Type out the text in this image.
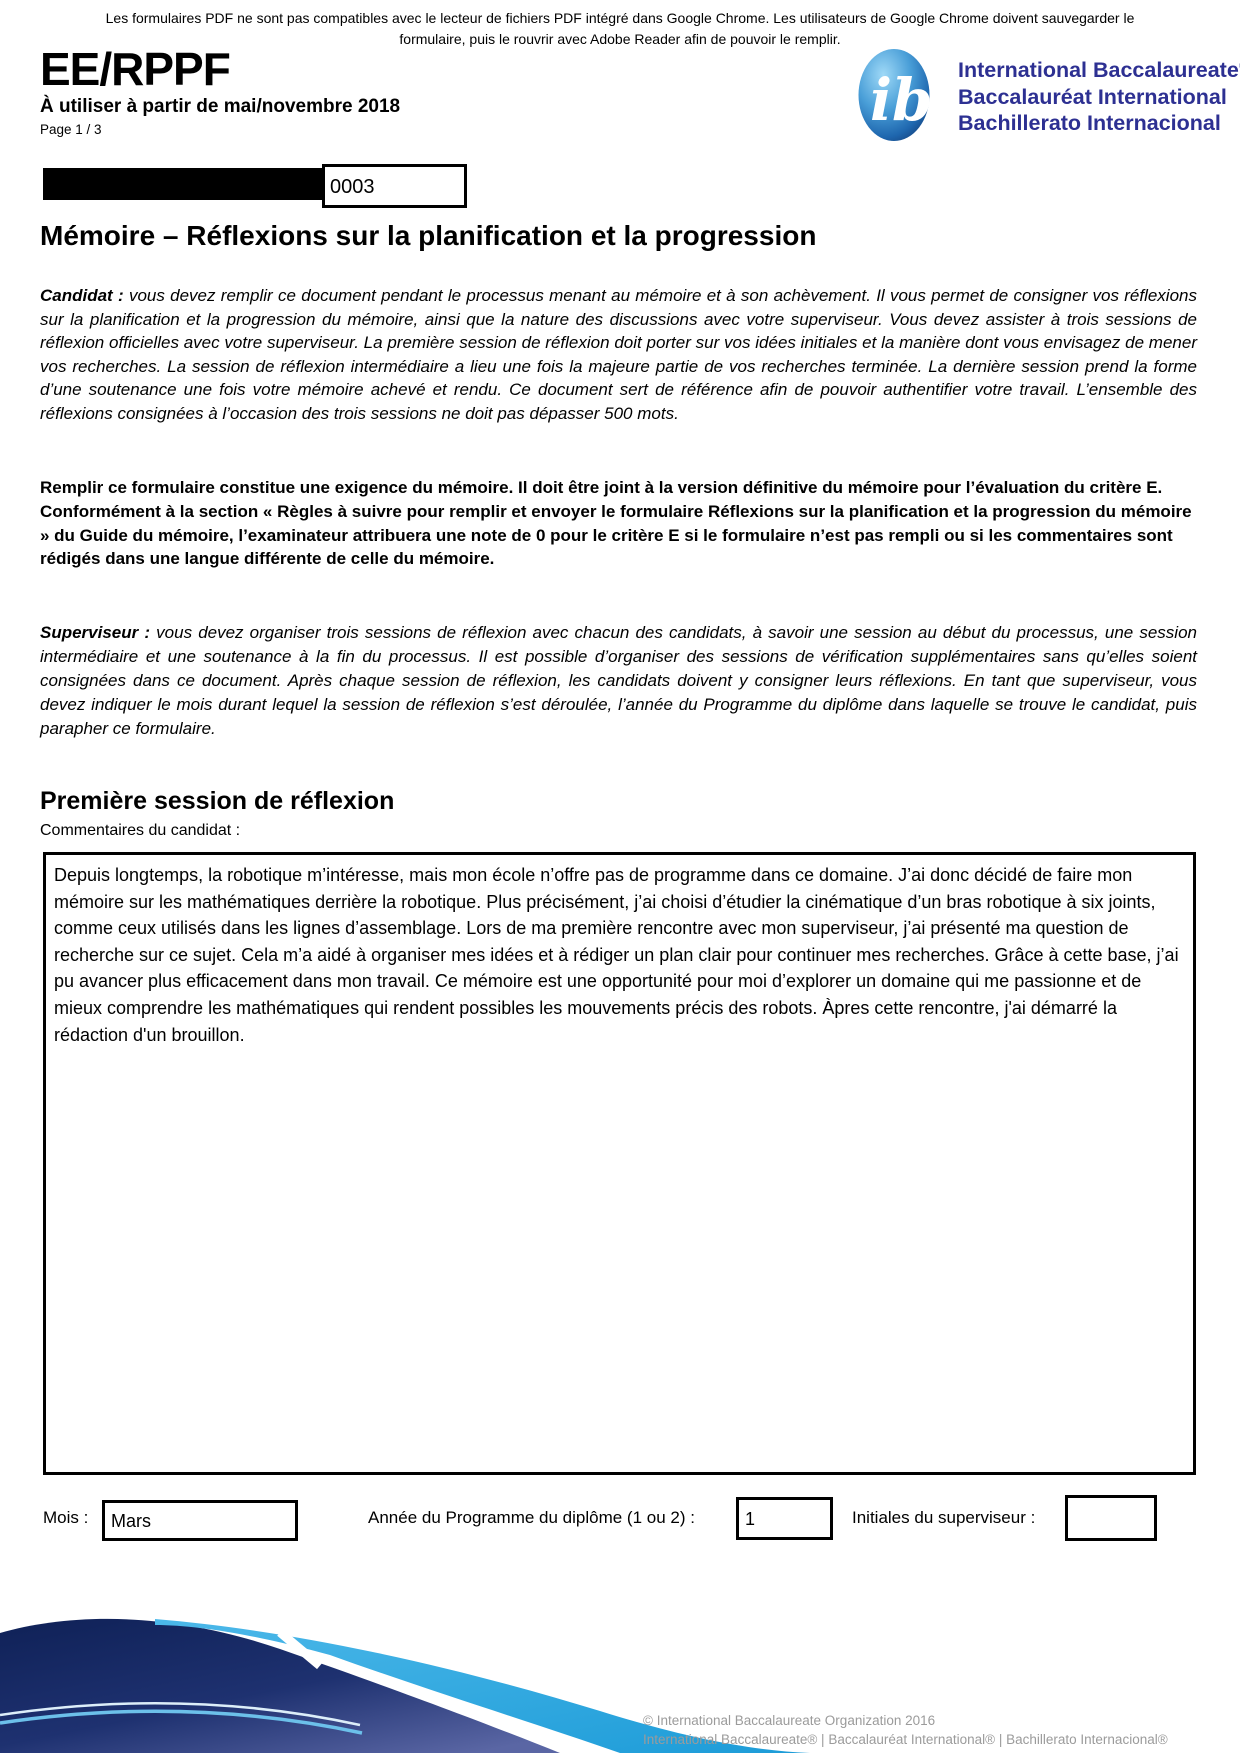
Les formulaires PDF ne sont pas compatibles avec le lecteur de fichiers PDF intégré dans Google Chrome. Les utilisateurs de Google Chrome doivent sauvegarder le
formulaire, puis le rouvrir avec Adobe Reader afin de pouvoir le remplir.
EE/RPPF
À utiliser à partir de mai/novembre 2018
Page 1 / 3	ib International Baccalaureate
Baccalauréat International
Bachillerato Internacional
0003
Mémoire – Réflexions sur la planification et la progression

Candidat : vous devez remplir ce document pendant le processus menant au mémoire et à son achèvement. Il vous permet de consigner vos réflexions sur la planification et la progression du mémoire, ainsi que la nature des discussions avec votre superviseur. Vous devez assister à trois sessions de réflexion officielles avec votre superviseur. La première session de réflexion doit porter sur vos idées initiales et la manière dont vous envisagez de mener vos recherches. La session de réflexion intermédiaire a lieu une fois la majeure partie de vos recherches terminée. La dernière session prend la forme d’une soutenance une fois votre mémoire achevé et rendu. Ce document sert de référence afin de pouvoir authentifier votre travail. L’ensemble des réflexions consignées à l’occasion des trois sessions ne doit pas dépasser 500 mots.

Remplir ce formulaire constitue une exigence du mémoire. Il doit être joint à la version définitive du mémoire pour l’évaluation du critère E. Conformément à la section « Règles à suivre pour remplir et envoyer le formulaire Réflexions sur la planification et la progression du mémoire » du Guide du mémoire, l’examinateur attribuera une note de 0 pour le critère E si le formulaire n’est pas rempli ou si les commentaires sont rédigés dans une langue différente de celle du mémoire.

Superviseur : vous devez organiser trois sessions de réflexion avec chacun des candidats, à savoir une session au début du processus, une session intermédiaire et une soutenance à la fin du processus. Il est possible d’organiser des sessions de vérification supplémentaires sans qu’elles soient consignées dans ce document. Après chaque session de réflexion, les candidats doivent y consigner leurs réflexions. En tant que superviseur, vous devez indiquer le mois durant lequel la session de réflexion s’est déroulée, l’année du Programme du diplôme dans laquelle se trouve le candidat, puis parapher ce formulaire.

Première session de réflexion
Commentaires du candidat :
Depuis longtemps, la robotique m’intéresse, mais mon école n’offre pas de programme dans ce domaine. J’ai donc décidé de faire mon mémoire sur les mathématiques derrière la robotique. Plus précisément, j’ai choisi d’étudier la cinématique d’un bras robotique à six joints, comme ceux utilisés dans les lignes d’assemblage. Lors de ma première rencontre avec mon superviseur, j’ai présenté ma question de recherche sur ce sujet. Cela m’a aidé à organiser mes idées et à rédiger un plan clair pour continuer mes recherches. Grâce à cette base, j’ai pu avancer plus efficacement dans mon travail. Ce mémoire est une opportunité pour moi d’explorer un domaine qui me passionne et de mieux comprendre les mathématiques qui rendent possibles les mouvements précis des robots. Àpres cette rencontre, j'ai démarré la rédaction d'un brouillon.
Mois :	Mars	Année du Programme du diplôme (1 ou 2) :	1	Initiales du superviseur :
© International Baccalaureate Organization 2016
International Baccalaureate® | Baccalauréat International® | Bachillerato Internacional®
